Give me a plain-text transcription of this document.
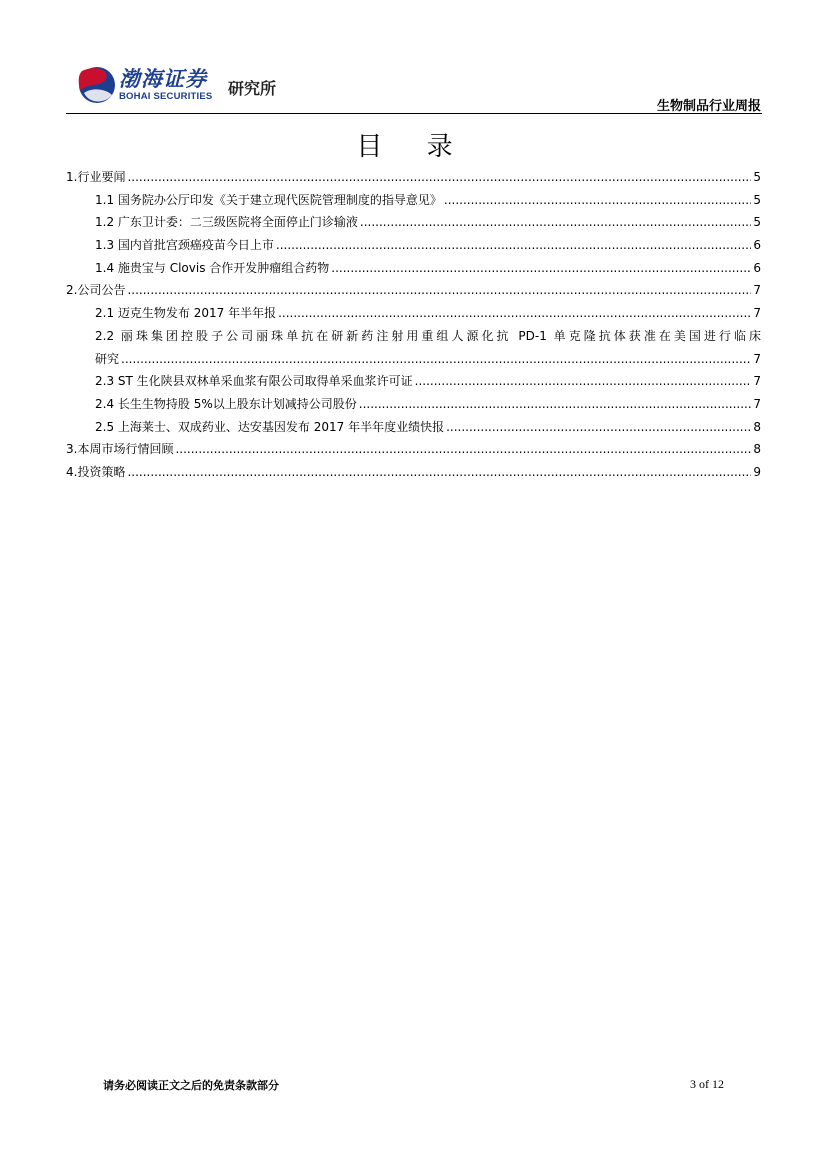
渤海证券
BOHAI SECURITIES 研究所
生物制品行业周报
目 录
1.行业要闻 .....	5
1.1 国务院办公厅印发《关于建立现代医院管理制度的指导意见》 .....	5
1.2 广东卫计委：二三级医院将全面停止门诊输液 .....	5
1.3 国内首批宫颈癌疫苗今日上市 .....	6
1.4 施贵宝与 Clovis 合作开发肿瘤组合药物 .....	6
2.公司公告 .....	7
2.1 迈克生物发布 2017 年半年报 .....	7
2.2 丽珠集团控股子公司丽珠单抗在研新药注射用重组人源化抗 PD-1 单克隆抗体获准在美国进行临床
研究 .....	7
2.3 ST 生化陕县双林单采血浆有限公司取得单采血浆许可证 .....	7
2.4 长生生物持股 5%以上股东计划减持公司股份 .....	7
2.5 上海莱士、双成药业、达安基因发布 2017 年半年度业绩快报 .....	8
3.本周市场行情回顾 .....	8
4.投资策略 .....	9
请务必阅读正文之后的免责条款部分	3 of 12
